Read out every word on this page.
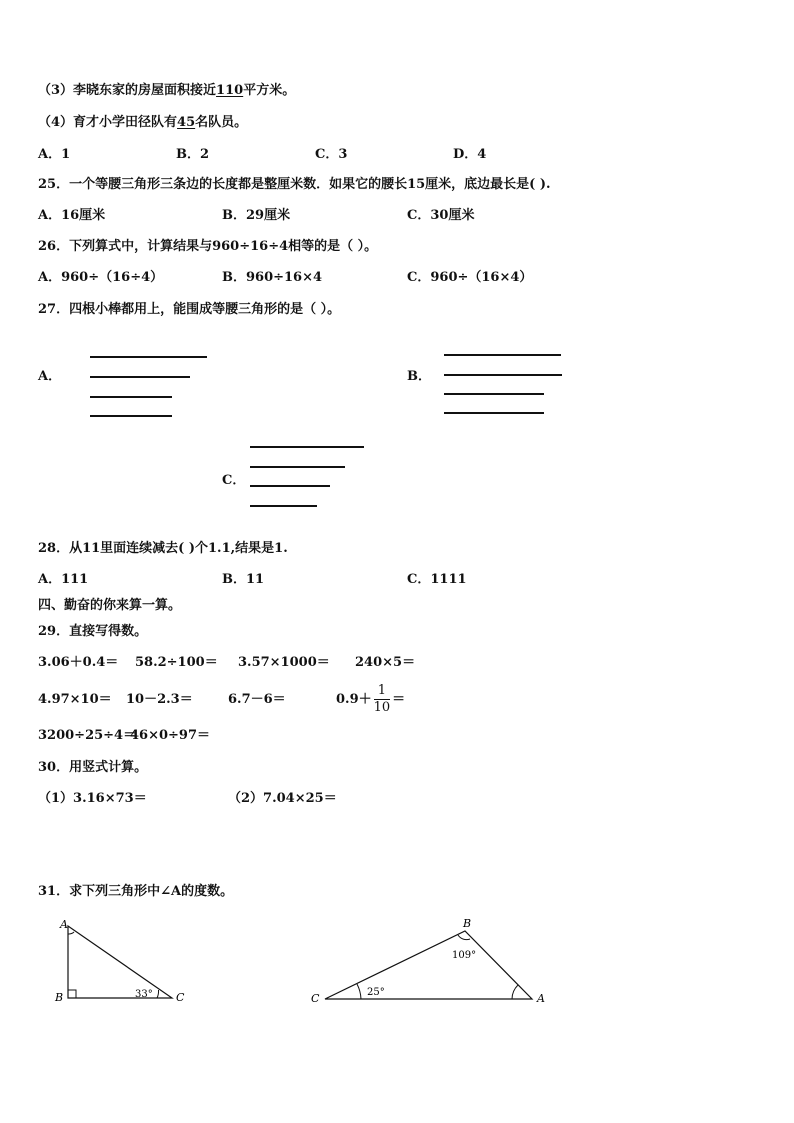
（3）李晓东家的房屋面积接近110平方米。
（4）育才小学田径队有45名队员。
A．1	B．2	C．3	D．4
25．一个等腰三角形三条边的长度都是整厘米数．如果它的腰长15厘米，底边最长是( ).
A．16厘米	B．29厘米	C．30厘米
26．下列算式中，计算结果与960÷16÷4相等的是（ ）。
A．960÷（16÷4）	B．960÷16×4	C．960÷（16×4）
27．四根小棒都用上，能围成等腰三角形的是（ ）。
A．	B．
C．
28．从11里面连续减去( )个1.1,结果是1.
A．111	B．11	C．1111
四、勤奋的你来算一算。
29．直接写得数。
3.06＋0.4＝ 58.2÷100＝ 3.57×1000＝ 240×5＝
4.97×10＝ 10－2.3＝	6.7－6＝	$0.9+ \frac{1}{10}$ ＝
3200÷25÷4＝
46×0÷97＝
30．用竖式计算。
（1）3.16×73＝	（2）7.04×25＝
31．求下列三角形中∠A的度数。
A
B	C
33°
B
C	A
109°
25°
